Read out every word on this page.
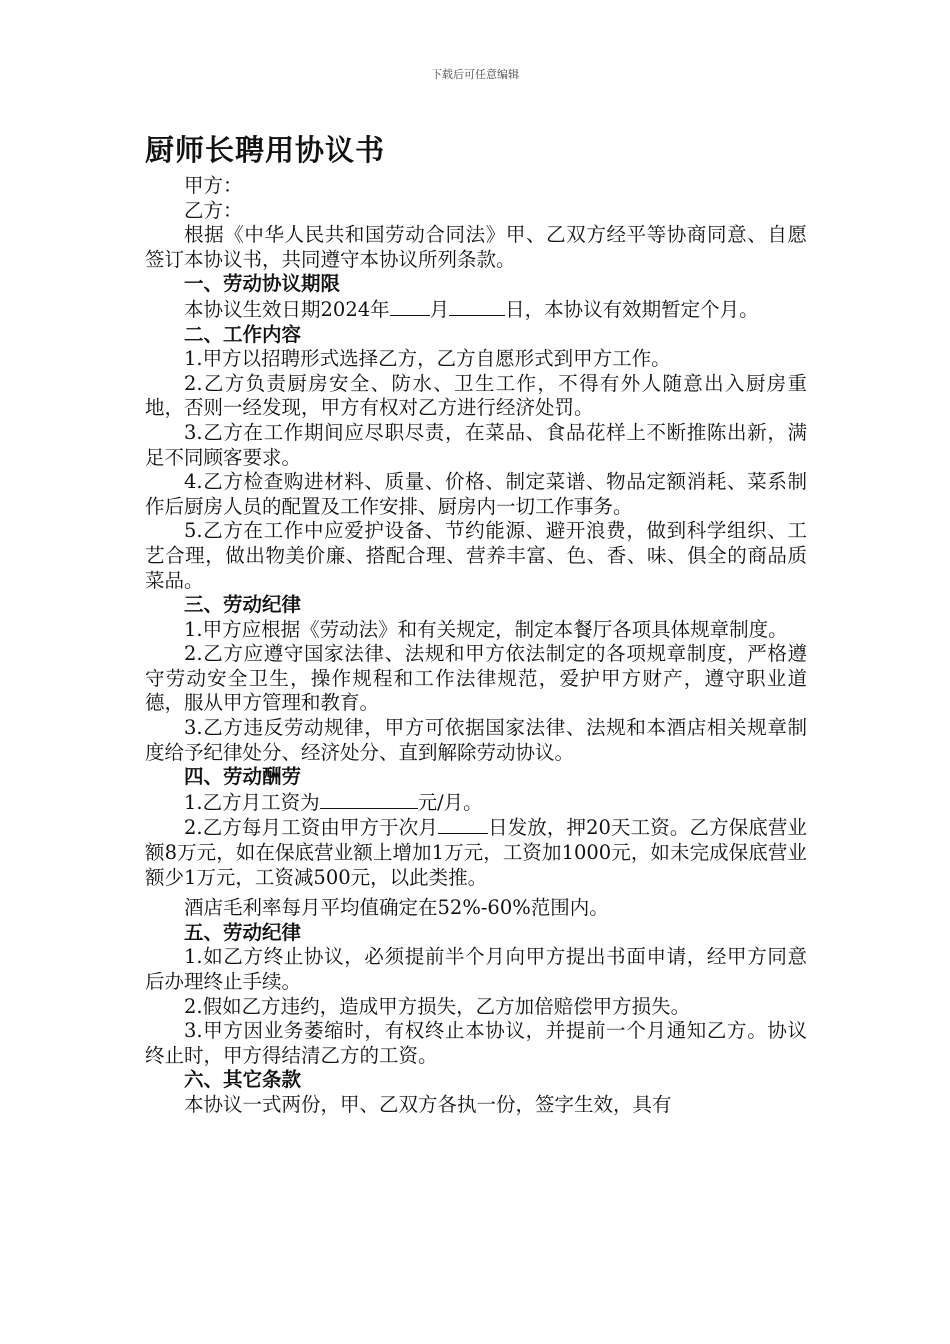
下载后可任意编辑
厨师长聘用协议书

甲方：

乙方：

根据《中华人民共和国劳动合同法》甲、乙双方经平等协商同意、自愿签订本协议书，共同遵守本协议所列条款。

一、劳动协议期限

本协议生效日期2024年 月	日，本协议有效期暂定个月。

二、工作内容

1.甲方以招聘形式选择乙方，乙方自愿形式到甲方工作。

2.乙方负责厨房安全、防水、卫生工作，不得有外人随意出入厨房重地，否则一经发现，甲方有权对乙方进行经济处罚。

3.乙方在工作期间应尽职尽责，在菜品、食品花样上不断推陈出新，满足不同顾客要求。

4.乙方检查购进材料、质量、价格、制定菜谱、物品定额消耗、菜系制作后厨房人员的配置及工作安排、厨房内一切工作事务。

5.乙方在工作中应爱护设备、节约能源、避开浪费，做到科学组织、工艺合理，做出物美价廉、搭配合理、营养丰富、色、香、味、俱全的商品质菜品。

三、劳动纪律

1.甲方应根据《劳动法》和有关规定，制定本餐厅各项具体规章制度。

2.乙方应遵守国家法律、法规和甲方依法制定的各项规章制度，严格遵守劳动安全卫生，操作规程和工作法律规范，爱护甲方财产，遵守职业道德，服从甲方管理和教育。

3.乙方违反劳动规律，甲方可依据国家法律、法规和本酒店相关规章制度给予纪律处分、经济处分、直到解除劳动协议。

四、劳动酬劳

1.乙方月工资为	元/月。

2.乙方每月工资由甲方于次月	日发放，押20天工资。乙方保底营业额8万元，如在保底营业额上增加1万元，工资加1000元，如未完成保底营业额少1万元，工资减500元，以此类推。

酒店毛利率每月平均值确定在52%-60%范围内。

五、劳动纪律

1.如乙方终止协议，必须提前半个月向甲方提出书面申请，经甲方同意后办理终止手续。

2.假如乙方违约，造成甲方损失，乙方加倍赔偿甲方损失。

3.甲方因业务萎缩时，有权终止本协议，并提前一个月通知乙方。协议终止时，甲方得结清乙方的工资。

六、其它条款

本协议一式两份，甲、乙双方各执一份，签字生效，具有
